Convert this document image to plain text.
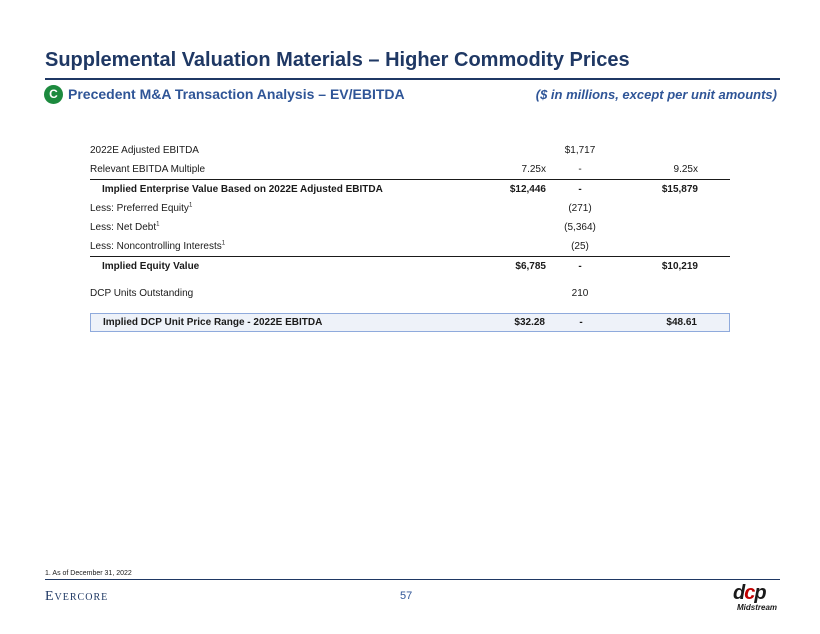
Supplemental Valuation Materials – Higher Commodity Prices
C Precedent M&A Transaction Analysis – EV/EBITDA	($ in millions, except per unit amounts)
2022E Adjusted EBITDA	$1,717
Relevant EBITDA Multiple	7.25x	-	9.25x
Implied Enterprise Value Based on 2022E Adjusted EBITDA	$12,446	-	$15,879
Less: Preferred Equity$^1$	(271)
Less: Net Debt$^1$	(5,364)
Less: Noncontrolling Interests$^1$	(25)
Implied Equity Value	$6,785	-	$10,219
DCP Units Outstanding	210
Implied DCP Unit Price Range - 2022E EBITDA	$32.28	-	$48.61
1. As of December 31, 2022
Evercore	57	dcp
Midstream
